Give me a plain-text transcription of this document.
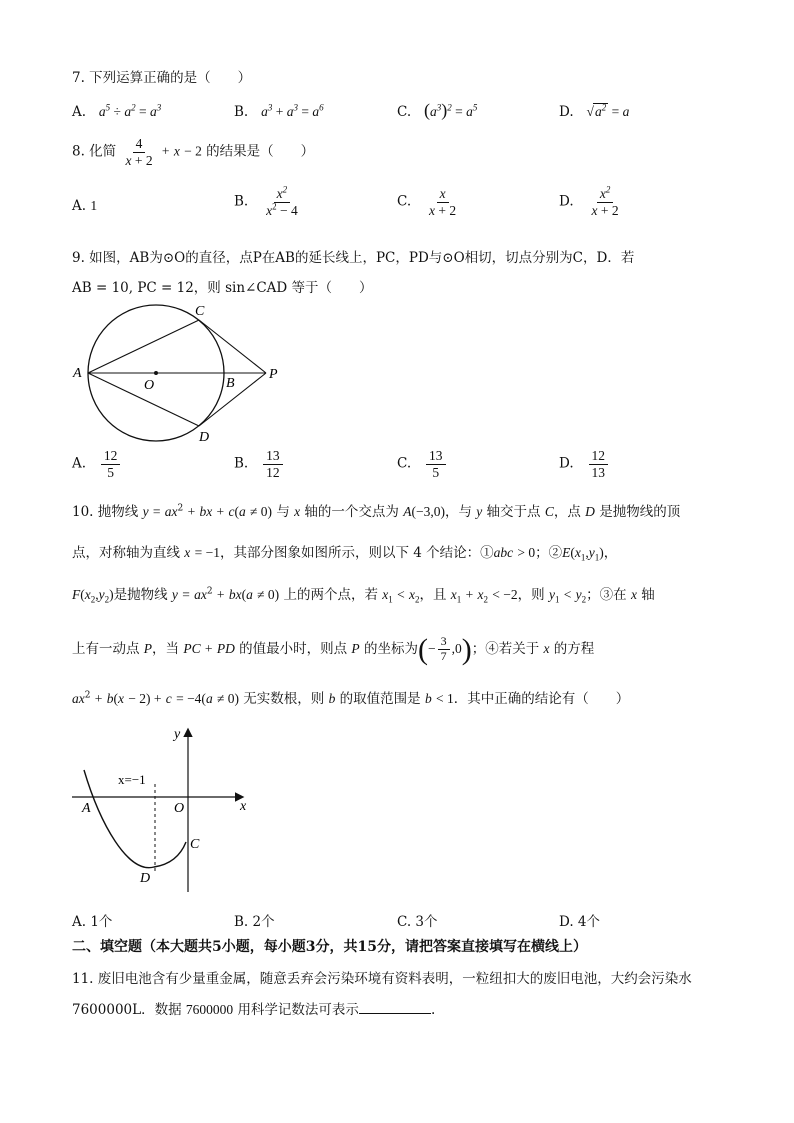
7. 下列运算正确的是（　　）
A. $a^5 \div a^2 = a^3$	B. $a^3 + a^3 = a^6$	C. $(a^3)^2 = a^5$	D. $√a^2 = a$
8. 化简 $\frac{4}{x + 2} + x - 2$ 的结果是（　　）
A. 1	B. $\frac{x^2}{x^2 - 4}$	C. $\frac{x}{x + 2}$	D. $\frac{x^2}{x + 2}$
9. 如图，AB为⊙O的直径，点P在AB的延长线上，PC，PD与⊙O相切，切点分别为C，D．若
AB = 10, PC = 12，则 sin∠CAD 等于（　　）
A
O	B
P
C
D
A. $\frac{12}{5}$	B. $\frac{13}{12}$	C. $\frac{13}{5}$	D. $\frac{12}{13}$
10. 抛物线 $y = ax^2$ + bx + c(a ≠ 0) 与 x 轴的一个交点为 A(−3,0)，与 y 轴交于点 C，点 D 是抛物线的顶
点，对称轴为直线 x = −1，其部分图象如图所示，则以下 4 个结论：①abc > 0；$②E(x_1,y_1)$，
$F(x_2,y_2)$是抛物线 $y = ax^2 + bx(a \ne 0)$ 上的两个点，若 $x_1 < x_2$，且 $x_1 + x_2 < -2$，则 $y_1 < y_2$；③在 x 轴
上有一动点 P，当 PC + PD 的值最小时，则点 P 的坐标为(− $\frac{3}{7} ,0$)；④若关于 x 的方程
$ax^2 + b(x - 2) + c = -4(a \ne 0)$ 无实数根，则 b 的取值范围是 b < 1．其中正确的结论有（　　）
y
x
x=−1
A	O
C
D
A. 1个	B. 2个	C. 3个	D. 4个
二、填空题（本大题共5小题，每小题3分，共15分，请把答案直接填写在横线上）
11. 废旧电池含有少量重金属，随意丢弃会污染环境有资料表明，一粒纽扣大的废旧电池，大约会污染水
7600000L．数据 7600000 用科学记数法可表示	.
